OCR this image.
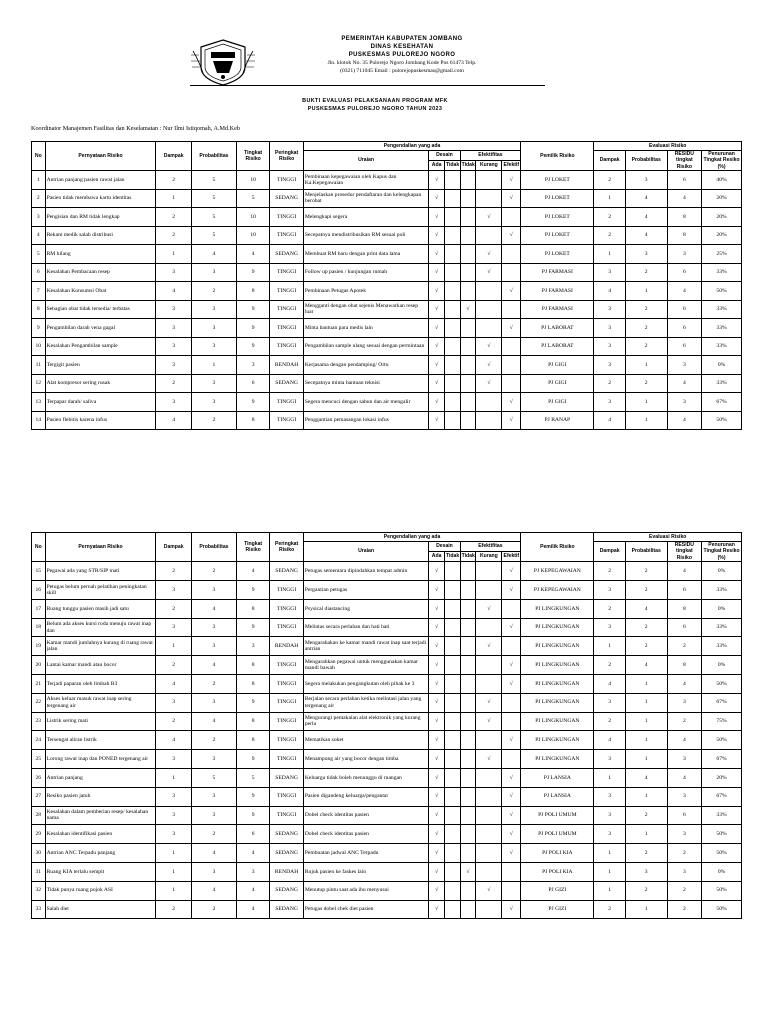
PEMERINTAH KABUPATEN JOMBANG
DINAS KESEHATAN
PUSKESMAS PULOREJO NGORO
Jln. klotok No. 35 Pulorejo Ngoro Jombang Kode Pos 61473 Telp.
(0321) 711045 Email : pulorejopuskesmas@gmail.com
BUKTI EVALUASI PELAKSANAAN PROGRAM MFK
PUSKESMAS PULOREJO NGORO TAHUN 2023
Koordinator Manajemen Fasilitas dan Keselamatan : Nur Ilmi Istiqomah, A.Md.Keb
No	Pernyataan Risiko	Dampak	Probabilitas	Tingkat Risiko	Peringkat Risiko	Pengendalian yang ada						Pemilik Risiko	Evaluasi Risiko			
						Uraian	Desain		Efektifitas				Dampak	Probabilitas	RESIDU tingkat Risiko	Penurunan Tingkat Resiko (%)
							Ada	Tidak	Tidak	Kurang	Efektif					
1	Antrian panjang pasien rawat jalan	2	5	10	TINGGI	Pembinaan kepegawaian oleh Kapus dan Ka.Kepegawaian	√				√	PJ LOKET	2	3	6	40%
2	Pasien tidak membawa kartu identitas	1	5	5	SEDANG	Menjelaskan prosedur pendaftaran dan kelengkapan berobat	√				√	PJ LOKET	1	4	4	20%
3	Pengisian dan RM tidak lengkap	2	5	10	TINGGI	Melengkapi segera	√			√		PJ LOKET	2	4	8	20%
4	Rekam medik salah distribusi	2	5	10	TINGGI	Secepatnya mendistribusikan RM sesuai poli	√				√	PJ LOKET	2	4	8	20%
5	RM hilang	1	4	4	SEDANG	Membuat RM baru dengan print data lama	√			√		PJ LOKET	1	3	3	25%
6	Kesalahan Pembacaan resep	3	3	9	TINGGI	Follow up pasien / kunjungan rumah	√			√		PJ FARMASI	3	2	6	33%
7	Kesalahan Konsumsi Obat	4	2	8	TINGGI	Pembinaan Petugas Apotek	√				√	PJ FARMASI	4	1	4	50%
8	Sebagian obat tidak tersedia/ terbatas	3	3	9	TINGGI	Mengganti dengan obat sejenis Menawarkan resep luar	√		√			PJ FARMASI	3	2	6	33%
9	Pengambilan darah vena gagal	3	3	9	TINGGI	Minta bantuan para medis lain	√				√	PJ LABORAT	3	2	6	33%
10	Kesalahan Pengambilan sample	3	3	9	TINGGI	Pengambilan sample ulang sesuai dengan permintaan	√			√		PJ LABORAT	3	2	6	33%
11	Tergigit pasien	3	1	3	RENDAH	Kerjasama dengan pendamping/ Ortu	√			√		PJ GIGI	3	1	3	0%
12	Alat kompresor sering rusak	2	3	6	SEDANG	Secepatnya minta bantuan teknisi	√			√		PJ GIGI	2	2	4	33%
13	Terpapar darah/ saliva	3	3	9	TINGGI	Segera mencuci dengan sabun dan air mengalir	√				√	PJ GIGI	3	1	3	67%
14	Pasien flebitis karena infus	4	2	8	TINGGI	Penggantian pemasangan lokasi infus	√				√	PJ RANAP	4	1	4	50%
No	Pernyataan Risiko	Dampak	Probabilitas	Tingkat Risiko	Peringkat Risiko	Pengendalian yang ada						Pemilik Risiko	Evaluasi Risiko			
						Uraian	Desain		Efektifitas				Dampak	Probabilitas	RESIDU tingkat Risiko	Penurunan Tingkat Resiko (%)
							Ada	Tidak	Tidak	Kurang	Efektif					
15	Pegawai ada yang STR/SIP mati	2	2	4	SEDANG	Petugas sementara dipindahkan tempat admin	√				√	PJ KEPEGAWAIAN	2	2	4	0%
16	Petugas belum pernah pelatihan peningkatan skill	3	3	9	TINGGI	Pergantian petugas	√				√	PJ KEPEGAWAIAN	3	2	6	33%
17	Ruang tunggu pasien masih jadi satu	2	4	8	TINGGI	Psysical diastancing	√			√		PJ LINGKUNGAN	2	4	8	0%
18	Belum ada akses kursi roda menuju rawat inap dan	3	3	9	TINGGI	Melintas secara perlahan dan hati hati	√				√	PJ LINGKUNGAN	3	2	6	33%
19	Kamar mandi jumlahnya kurang di ruang rawat jalan	1	3	3	RENDAH	Mengarahakan ke kamar mandi rawat inap saat terjadi antrian	√			√		PJ LINGKUNGAN	1	2	2	33%
20	Lantai kamar mandi atau bocor	2	4	8	TINGGI	Mengarahkan pegawai untuk menggunakan kamar mandi bawah	√				√	PJ LINGKUNGAN	2	4	8	0%
21	Terjadi paparan oleh limbah B3	4	2	8	TINGGI	Segera melakukan pengangkutan oleh pihak ke 3	√				√	PJ LINGKUNGAN	4	1	4	50%
22	Akses keluar masuk rawat inap sering tergenang air	3	3	9	TINGGI	Berjalan secara perlahan ketika melintasi jalan yang tergenang air	√			√		PJ LINGKUNGAN	3	1	3	67%
23	Listrik sering mati	2	4	8	TINGGI	Mengurangi pemakaian alat elektronik yang kurang perlu	√			√		PJ LINGKUNGAN	2	1	2	75%
24	Tersengat aliran listrik	4	2	8	TINGGI	Mematikan soket	√				√	PJ LINGKUNGAN	4	1	4	50%
25	Lorong rawat inap dan PONED tergenang air	3	3	9	TINGGI	Menampung air yang bocor dengan timba	√			√		PJ LINGKUNGAN	3	1	3	67%
26	Antrian panjang	1	5	5	SEDANG	Keluarga tidak boleh menunggu di ruangan	√				√	PJ LANSIA	1	4	4	20%
27	Resiko pasien jatuh	3	3	9	TINGGI	Pasien digandeng keluarga/pengantar	√				√	PJ LANSIA	3	1	3	67%
28	Kesalahan dalam pemberian resep/ kesalahan nama	3	3	9	TINGGI	Dobel check identitas pasien	√				√	PJ POLI UMUM	3	2	6	33%
29	Kesalahan identifikasi pasien	3	2	6	SEDANG	Dobel check identitas pasien	√				√	PJ POLI UMUM	3	1	3	50%
30	Antrian ANC Terpadu panjang	1	4	4	SEDANG	Pembuatan jadwal ANC Terpadu	√				√	PJ POLI KIA	1	2	2	50%
31	Ruang KIA terlalu sempit	1	3	3	RENDAH	Rujuk pasien ke faskes lain	√		√			PJ POLI KIA	1	3	3	0%
32	Tidak punya ruang pojok ASI	1	4	4	SEDANG	Menutup pintu saat ada ibu menyusui	√			√		PJ GIZI	1	2	2	50%
33	Salah diet	2	2	4	SEDANG	Petugas dobel chek diet pasien	√				√	PJ GIZI	2	1	2	50%
